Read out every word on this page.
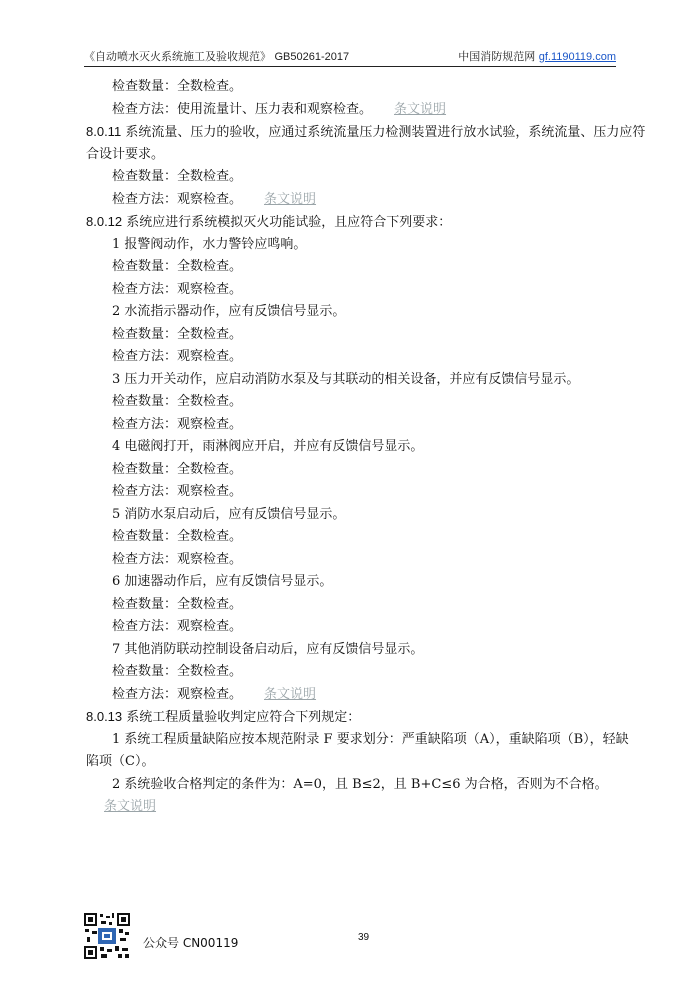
《自动喷水灭火系统施工及验收规范》 GB50261-2017	中国消防规范网 gf.1190119.com
检查数量：全数检查。
检查方法：使用流量计、压力表和观察检查。 条文说明
8.0.11 系统流量、压力的验收，应通过系统流量压力检测装置进行放水试验，系统流量、压力应符
合设计要求。
检查数量：全数检查。
检查方法：观察检查。 条文说明
8.0.12 系统应进行系统模拟灭火功能试验，且应符合下列要求：
1 报警阀动作，水力警铃应鸣响。
检查数量：全数检查。
检查方法：观察检查。
2 水流指示器动作，应有反馈信号显示。
检查数量：全数检查。
检查方法：观察检查。
3 压力开关动作，应启动消防水泵及与其联动的相关设备，并应有反馈信号显示。
检查数量：全数检查。
检查方法：观察检查。
4 电磁阀打开，雨淋阀应开启，并应有反馈信号显示。
检查数量：全数检查。
检查方法：观察检查。
5 消防水泵启动后，应有反馈信号显示。
检查数量：全数检查。
检查方法：观察检查。
6 加速器动作后，应有反馈信号显示。
检查数量：全数检查。
检查方法：观察检查。
7 其他消防联动控制设备启动后，应有反馈信号显示。
检查数量：全数检查。
检查方法：观察检查。 条文说明
8.0.13 系统工程质量验收判定应符合下列规定：
1 系统工程质量缺陷应按本规范附录 F 要求划分：严重缺陷项（A），重缺陷项（B），轻缺
陷项（C）。
2 系统验收合格判定的条件为：A=0，且 B≤2，且 B+C≤6 为合格，否则为不合格。
条文说明
公众号 CN00119	39
